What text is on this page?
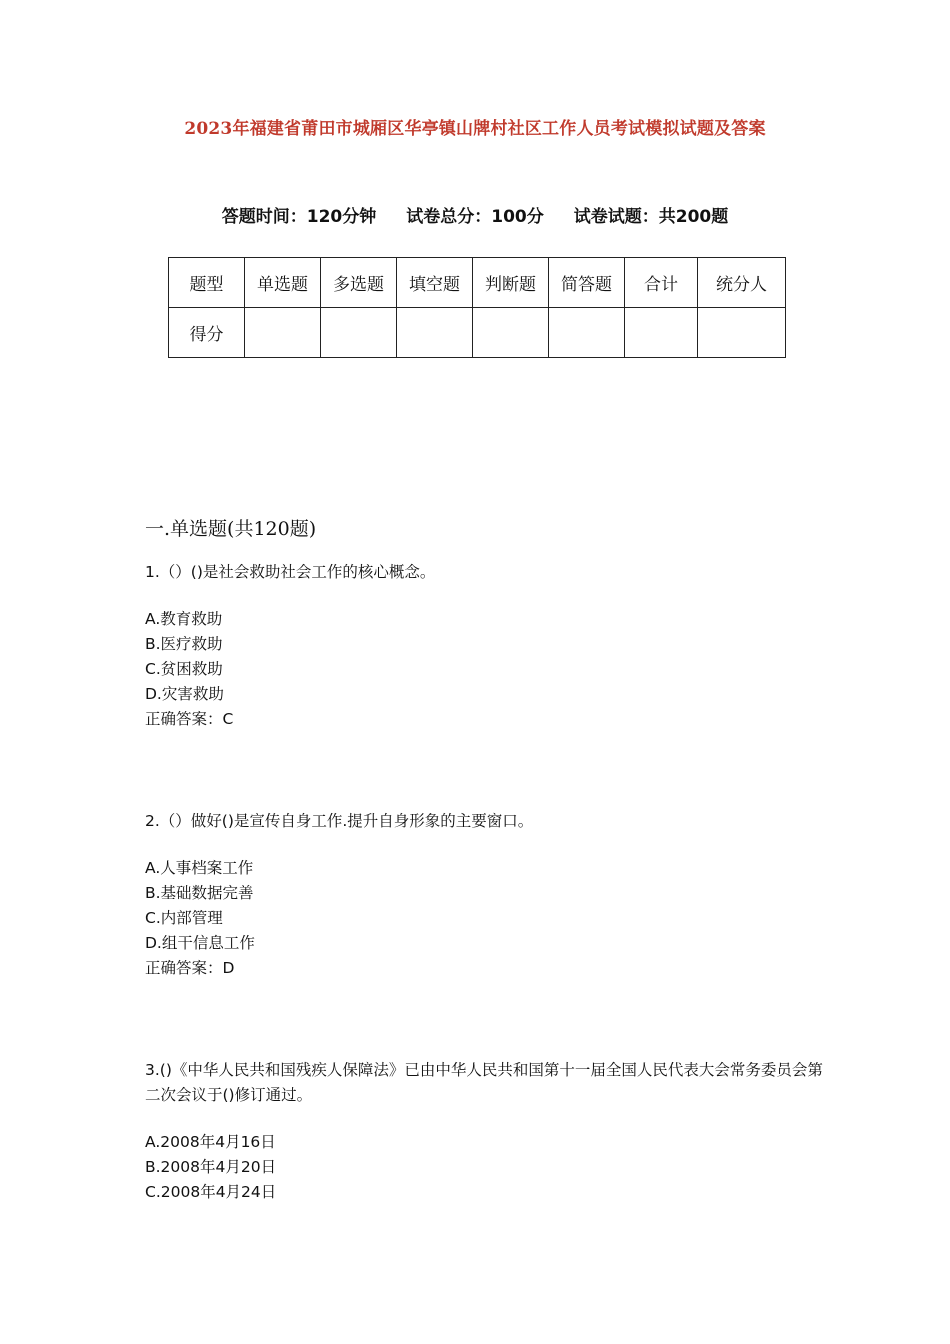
2023年福建省莆田市城厢区华亭镇山牌村社区工作人员考试模拟试题及答案
答题时间：120分钟 试卷总分：100分 试卷试题：共200题
题型	单选题	多选题	填空题	判断题	简答题	合计	统分人
得分							
一.单选题(共120题)

1.（）()是社会救助社会工作的核心概念。

A.教育救助

B.医疗救助

C.贫困救助

D.灾害救助

正确答案：C

2.（）做好()是宣传自身工作.提升自身形象的主要窗口。

A.人事档案工作

B.基础数据完善

C.内部管理

D.组干信息工作

正确答案：D

3.()《中华人民共和国残疾人保障法》已由中华人民共和国第十一届全国人民代表大会常务委员会第二次会议于()修订通过。

A.2008年4月16日

B.2008年4月20日

C.2008年4月24日
